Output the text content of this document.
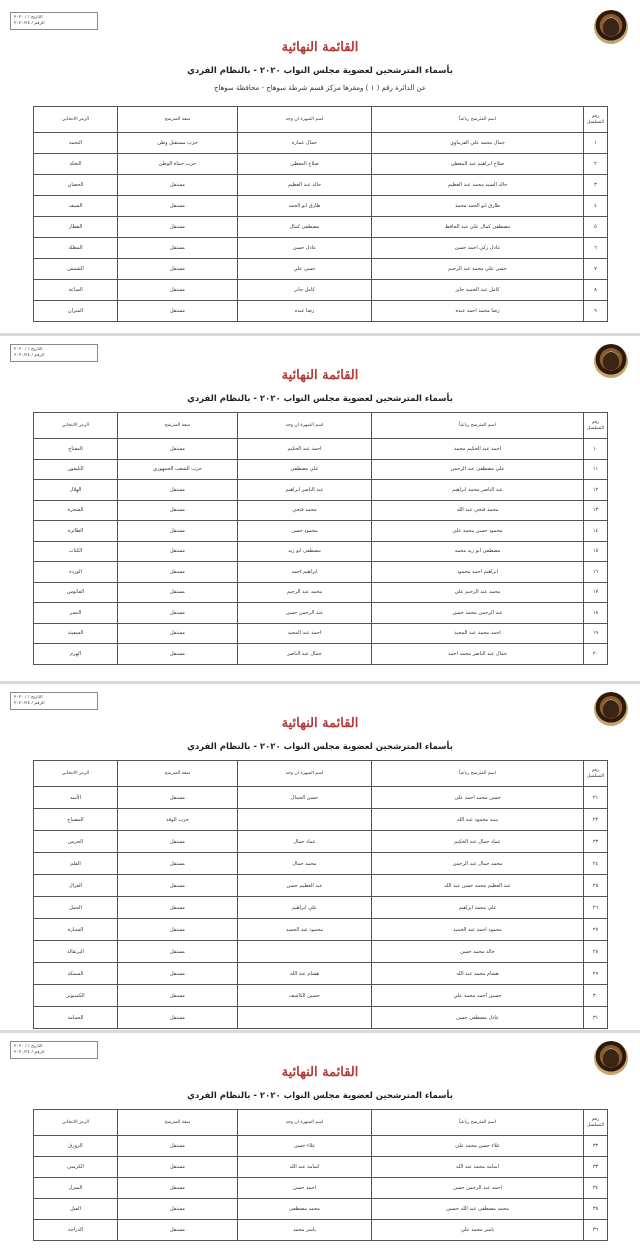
التاريخ / / ٢٠٢٠
الرقم / ٢٠٢٠/٢٤
القائمة النهائية
بأسماء المترشحين لعضوية مجلس النواب ٢٠٢٠ - بالنظام الفردي
عن الدائرة رقم ( ١ ) ومقرها مركز قسم شرطة سوهاج - محافظة سوهاج
رقم التسلسل	اسم المترشح رباعياً	اسم الشهرة ان وجد	صفة المترشح	الرمز الانتخابي
١	جمال محمد علي الفرماوي	جمال عمارة	حزب مستقبل وطن	النجمة
٢	صلاح ابراهيم عبد المعطي	صلاح المعطي	حزب حماة الوطن	النخلة
٣	خالد السيد محمد عبد العظيم	خالد عبد العظيم	مستقل	الحصان
٤	طارق ابو الحمد محمد	طارق ابو الحمد	مستقل	السيف
٥	مصطفى كمال علي عبد الحافظ	مصطفى كمال	مستقل	القطار
٦	عادل زكي احمد حسن	عادل حسن	مستقل	المظلة
٧	حسن علي محمد عبد الرحيم	حسن علي	مستقل	الشمس
٨	كامل عبد الحميد جابر	كامل جابر	مستقل	الساعة
٩	رضا محمد احمد عبده	رضا عبده	مستقل	الميزان
التاريخ / / ٢٠٢٠
الرقم / ٢٠٢٠/٢٤
القائمة النهائية
بأسماء المترشحين لعضوية مجلس النواب ٢٠٢٠ - بالنظام الفردي
رقم التسلسل	اسم المترشح رباعياً	اسم الشهرة ان وجد	صفة المترشح	الرمز الانتخابي
١٠	احمد عبد الحكيم محمد	احمد عبد الحكيم	مستقل	المفتاح
١١	علي مصطفى عبد الرحمن	علي مصطفى	حزب الشعب الجمهوري	التليفون
١٢	عبد الناصر محمد ابراهيم	عبد الناصر ابراهيم	مستقل	الهلال
١٣	محمد فتحي عبد الله	محمد فتحي	مستقل	الشجرة
١٤	محمود حسن محمد علي	محمود حسن	مستقل	الطائرة
١٥	مصطفى ابو زيد محمد	مصطفى ابو زيد	مستقل	الكتاب
١٦	ابراهيم احمد محمود	ابراهيم احمد	مستقل	الوردة
١٧	محمد عبد الرحيم علي	محمد عبد الرحيم	مستقل	الفانوس
١٨	عبد الرحمن محمد حسن	عبد الرحمن حسن	مستقل	النسر
١٩	احمد محمد عبد المجيد	احمد عبد المجيد	مستقل	السفينة
٢٠	جمال عبد الناصر محمد احمد	جمال عبد الناصر	مستقل	الهرم
التاريخ / / ٢٠٢٠
الرقم / ٢٠٢٠/٢٤
القائمة النهائية
بأسماء المترشحين لعضوية مجلس النواب ٢٠٢٠ - بالنظام الفردي
رقم التسلسل	اسم المترشح رباعياً	اسم الشهرة ان وجد	صفة المترشح	الرمز الانتخابي
٢١	حسن محمد احمد علي	حسن الجمال	مستقل	الأسد
٢٢	سيد محمود عبد الله		حزب الوفد	المصباح
٢٣	عماد جمال عبد الحكيم	عماد جمال	مستقل	الجرس
٢٤	محمد جمال عبد الرحمن	محمد جمال	مستقل	القلم
٢٥	عبد العظيم محمد حسن عبد الله	عبد العظيم حسن	مستقل	الغزال
٢٦	علي محمد ابراهيم	علي ابراهيم	مستقل	الجمل
٢٧	محمود احمد عبد الحميد	محمود عبد الحميد	مستقل	السيارة
٢٨	خالد محمد حسن		مستقل	البرتقالة
٢٩	هشام محمد عبد الله	هشام عبد الله	مستقل	السمكة
٣٠	حسين احمد محمد علي	حسين الكاشف	مستقل	الكمبيوتر
٣١	عادل مصطفى حسن		مستقل	الحمامة
التاريخ / / ٢٠٢٠
الرقم / ٢٠٢٠/٢٤
القائمة النهائية
بأسماء المترشحين لعضوية مجلس النواب ٢٠٢٠ - بالنظام الفردي
رقم التسلسل	اسم المترشح رباعياً	اسم الشهرة ان وجد	صفة المترشح	الرمز الانتخابي
٣٢	علاء حسن محمد علي	علاء حسن	مستقل	الزورق
٣٣	اسامة محمد عبد الله	اسامة عبد الله	مستقل	الكرسي
٣٤	احمد عبد الرحمن حسن	احمد حسن	مستقل	المنزل
٣٥	محمد مصطفى عبد الله حسين	محمد مصطفى	مستقل	الفيل
٣٦	ياسر محمد علي	ياسر محمد	مستقل	الدراجة
